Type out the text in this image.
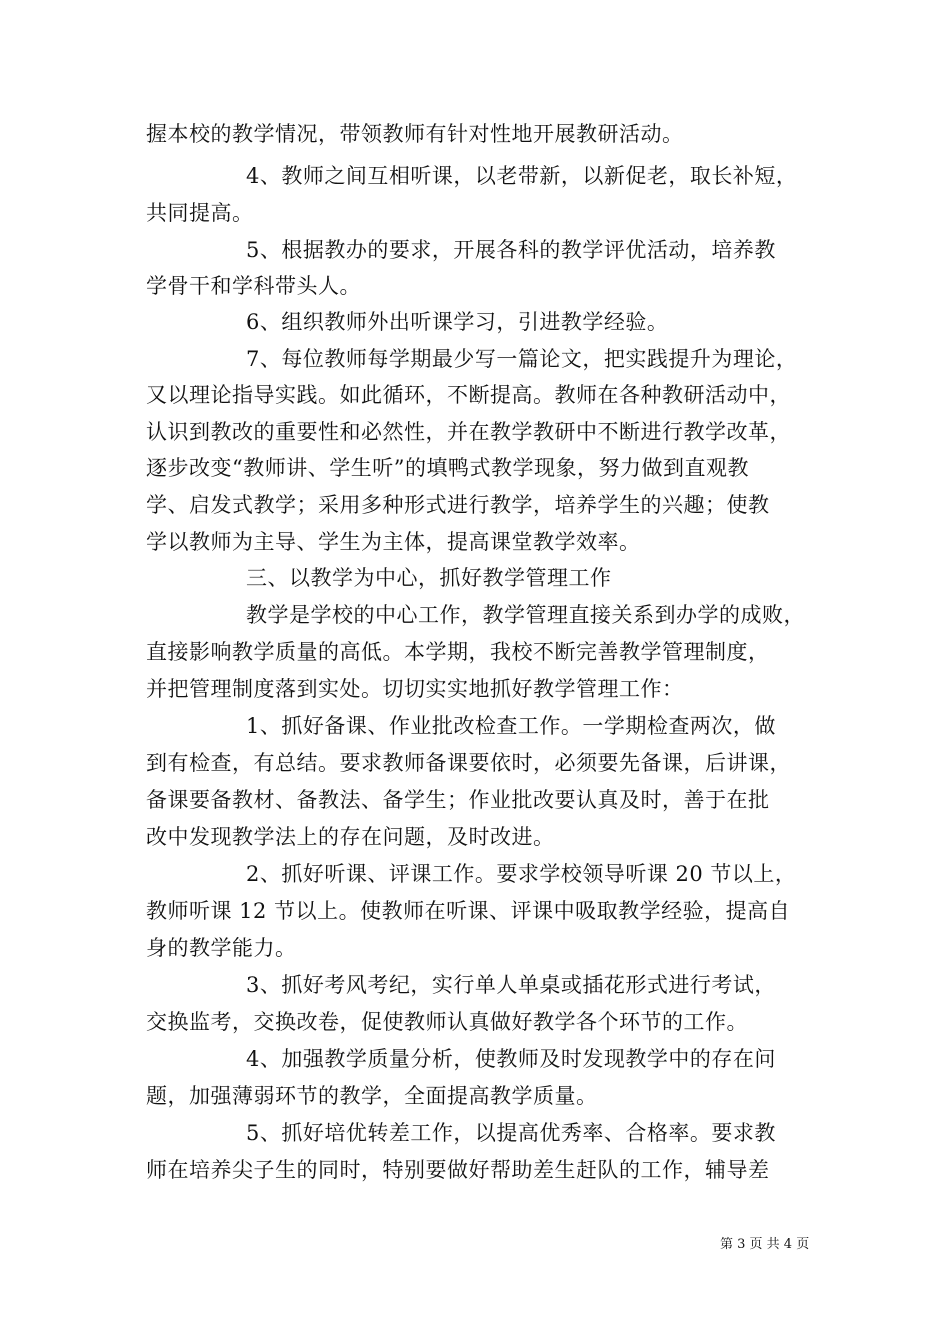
握本校的教学情况，带领教师有针对性地开展教研活动。
4、教师之间互相听课，以老带新，以新促老，取长补短，
共同提高。
5、根据教办的要求，开展各科的教学评优活动，培养教
学骨干和学科带头人。
6、组织教师外出听课学习，引进教学经验。
7、每位教师每学期最少写一篇论文，把实践提升为理论，
又以理论指导实践。如此循环，不断提高。教师在各种教研活动中，
认识到教改的重要性和必然性，并在教学教研中不断进行教学改革，
逐步改变“教师讲、学生听”的填鸭式教学现象，努力做到直观教
学、启发式教学；采用多种形式进行教学，培养学生的兴趣；使教
学以教师为主导、学生为主体，提高课堂教学效率。
三、以教学为中心，抓好教学管理工作
教学是学校的中心工作，教学管理直接关系到办学的成败，
直接影响教学质量的高低。本学期，我校不断完善教学管理制度，
并把管理制度落到实处。切切实实地抓好教学管理工作：
1、抓好备课、作业批改检查工作。一学期检查两次，做
到有检查，有总结。要求教师备课要依时，必须要先备课，后讲课，
备课要备教材、备教法、备学生；作业批改要认真及时，善于在批
改中发现教学法上的存在问题，及时改进。
2、抓好听课、评课工作。要求学校领导听课 20 节以上，
教师听课 12 节以上。使教师在听课、评课中吸取教学经验，提高自
身的教学能力。
3、抓好考风考纪，实行单人单桌或插花形式进行考试，
交换监考，交换改卷，促使教师认真做好教学各个环节的工作。
4、加强教学质量分析，使教师及时发现教学中的存在问
题，加强薄弱环节的教学，全面提高教学质量。
5、抓好培优转差工作，以提高优秀率、合格率。要求教
师在培养尖子生的同时，特别要做好帮助差生赶队的工作，辅导差
第 3 页 共 4 页
